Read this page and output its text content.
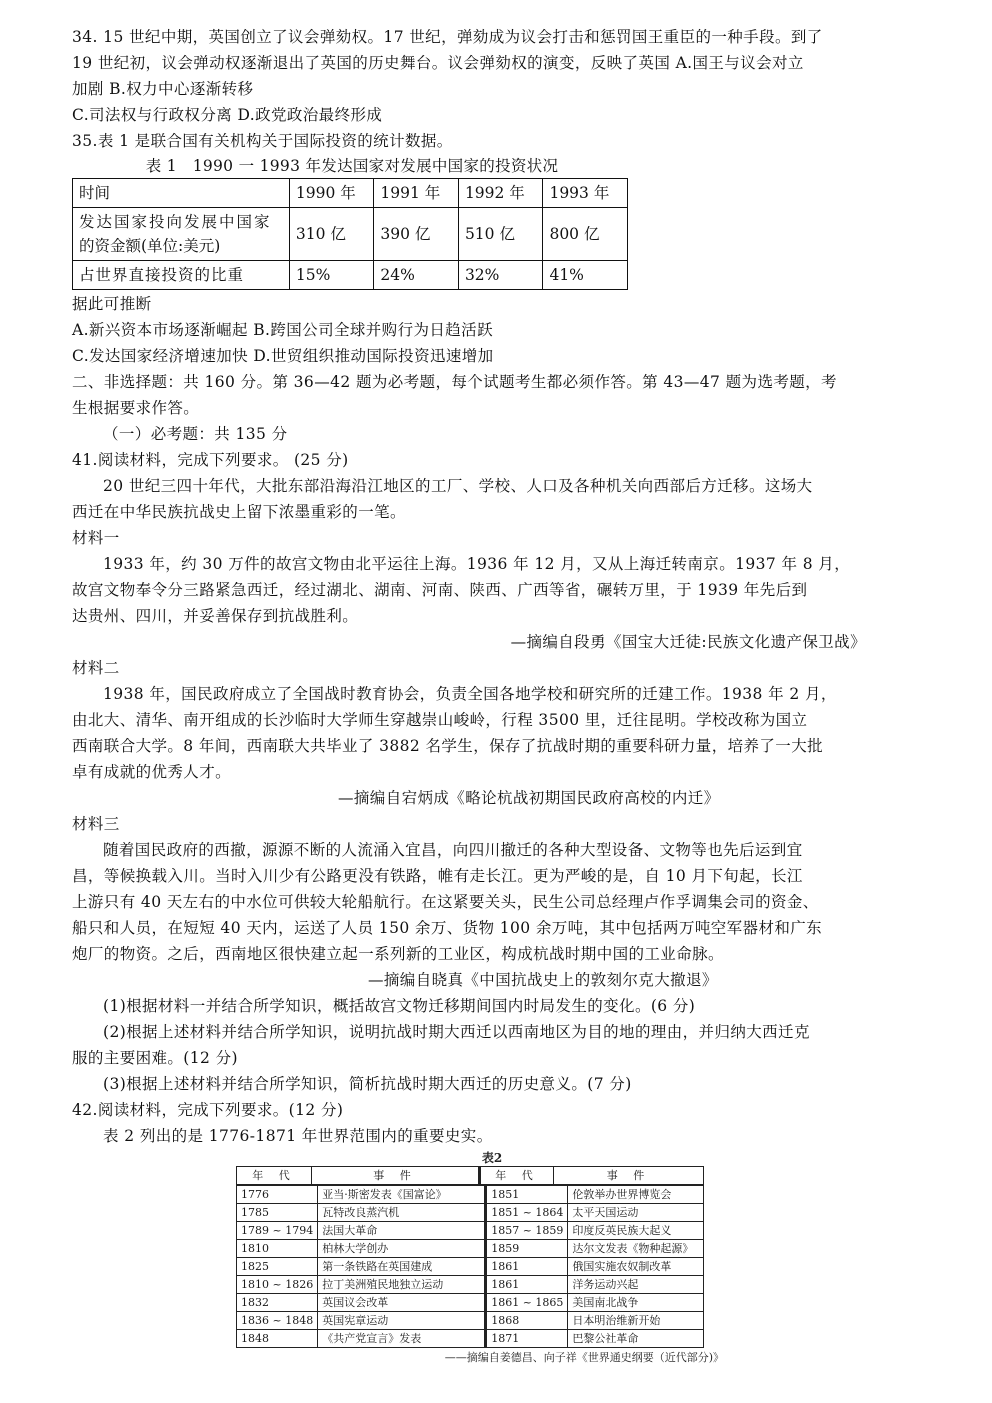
34. 15 世纪中期，英国创立了议会弹劾权。17 世纪，弹劾成为议会打击和惩罚国王重臣的一种手段。到了
19 世纪初，议会弹动权逐渐退出了英国的历史舞台。议会弹劾权的演变，反映了英国 A.国王与议会对立
加剧 B.权力中心逐渐转移
C.司法权与行政权分离 D.政党政治最终形成
35.表 1 是联合国有关机构关于国际投资的统计数据。
表 1　1990 一 1993 年发达国家对发展中国家的投资状况
时间	1990 年	1991 年	1992 年	1993 年

发达国家投向发展中国家
的资金额(单位:美元)	310 亿	390 亿	510 亿	800 亿
占世界直接投资的比重	15%	24%	32%	41%
据此可推断
A.新兴资本市场逐渐崛起 B.跨国公司全球并购行为日趋活跃
C.发达国家经济增速加快 D.世贸组织推动国际投资迅速增加
二、非选择题：共 160 分。第 36—42 题为必考题，每个试题考生都必须作答。第 43—47 题为选考题，考
生根据要求作答。
（一）必考题：共 135 分
41.阅读材料，完成下列要求。 (25 分)
20 世纪三四十年代，大批东部沿海沿江地区的工厂、学校、人口及各种机关向西部后方迁移。这场大
西迁在中华民族抗战史上留下浓墨重彩的一笔。
材料一
1933 年，约 30 万件的故宫文物由北平运往上海。1936 年 12 月，又从上海迁转南京。1937 年 8 月，
故宫文物奉令分三路紧急西迁，经过湖北、湖南、河南、陕西、广西等省，碾转万里，于 1939 年先后到
达贵州、四川，并妥善保存到抗战胜利。
—摘编自段勇《国宝大迁徒:民族文化遗产保卫战》
材料二
1938 年，国民政府成立了全国战时教育协会，负责全国各地学校和研究所的迁建工作。1938 年 2 月，
由北大、清华、南开组成的长沙临时大学师生穿越崇山峻岭，行程 3500 里，迁往昆明。学校改称为国立
西南联合大学。8 年间，西南联大共毕业了 3882 名学生，保存了抗战时期的重要科研力量，培养了一大批
卓有成就的优秀人才。
—摘编自宕炳成《略论杭战初期国民政府高校的内迁》
材料三
随着国民政府的西撤，源源不断的人流涌入宜昌，向四川撤迁的各种大型设备、文物等也先后运到宜
昌，等候换载入川。当时入川少有公路更没有铁路，帷有走长江。更为严峻的是，自 10 月下旬起，长江
上游只有 40 天左右的中水位可供较大轮船航行。在这紧要关头，民生公司总经理卢作孚调集会司的资金、
船只和人员，在短短 40 天内，运送了人员 150 余万、货物 100 余万吨，其中包括两万吨空军器材和广东
炮厂的物资。之后，西南地区很快建立起一系列新的工业区，构成杭战时期中国的工业命脉。
—摘编自晓真《中国抗战史上的敦刻尔克大撤退》
(1)根据材料一并结合所学知识，概括故宫文物迁移期间国内时局发生的变化。(6 分)
(2)根据上述材料并结合所学知识，说明抗战时期大西迁以西南地区为目的地的理由，并归纳大西迁克
服的主要困难。(12 分)
(3)根据上述材料并结合所学知识，简析抗战时期大西迁的历史意义。(7 分)
42.阅读材料，完成下列要求。(12 分)
表 2 列出的是 1776-1871 年世界范围内的重要史实。
表2
年 代	事 件	年 代	事 件
1776	亚当·斯密发表《国富论》	1851	伦敦举办世界博览会
1785	瓦特改良蒸汽机	1851 ~ 1864	太平天国运动
1789 ~ 1794	法国大革命	1857 ~ 1859	印度反英民族大起义
1810	柏林大学创办	1859	达尔文发表《物种起源》
1825	第一条铁路在英国建成	1861	俄国实施农奴制改革
1810 ~ 1826	拉丁美洲殖民地独立运动	1861	洋务运动兴起
1832	英国议会改革	1861 ~ 1865	美国南北战争
1836 ~ 1848	英国宪章运动	1868	日本明治维新开始
1848	《共产党宣言》发表	1871	巴黎公社革命
——摘编自姜德昌、向子祥《世界通史纲要（近代部分)》
